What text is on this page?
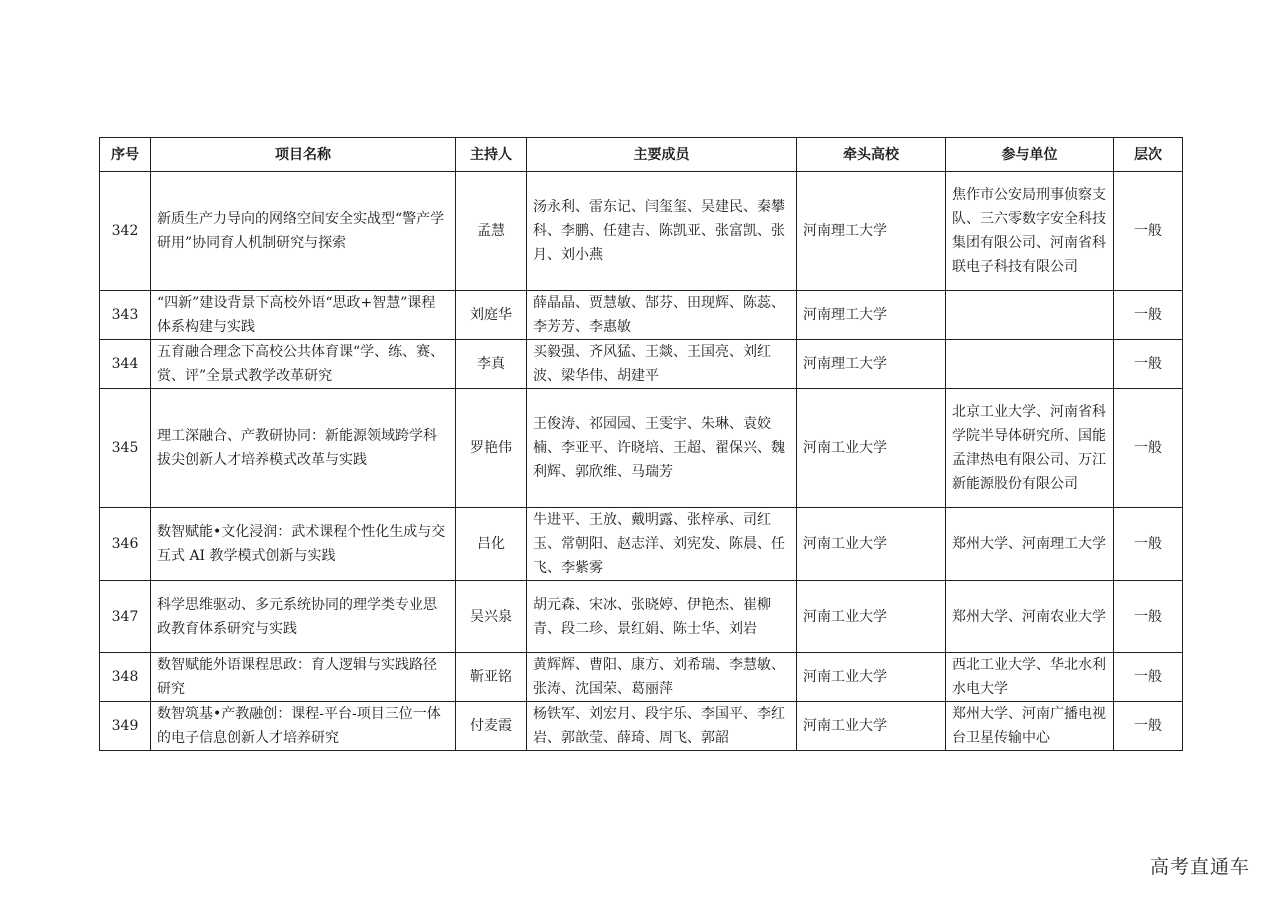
序号	项目名称	主持人	主要成员	牵头高校	参与单位	层次
342	新质生产力导向的网络空间安全实战型“警产学研用”协同育人机制研究与探索	孟慧	汤永利、雷东记、闫玺玺、吴建民、秦攀科、李鹏、任建吉、陈凯亚、张富凯、张月、刘小燕	河南理工大学	焦作市公安局刑事侦察支队、三六零数字安全科技集团有限公司、河南省科联电子科技有限公司	一般
343	“四新”建设背景下高校外语“思政+智慧”课程体系构建与实践	刘庭华	薛晶晶、贾慧敏、郜芬、田现辉、陈蕊、李芳芳、李惠敏	河南理工大学		一般
344	五育融合理念下高校公共体育课“学、练、赛、赏、评”全景式教学改革研究	李真	买毅强、齐风猛、王燚、王国亮、刘红波、梁华伟、胡建平	河南理工大学		一般
345	理工深融合、产教研协同：新能源领域跨学科拔尖创新人才培养模式改革与实践	罗艳伟	王俊涛、祁园园、王雯宇、朱琳、袁姣楠、李亚平、许晓培、王超、翟保兴、魏利辉、郭欣维、马瑞芳	河南工业大学	北京工业大学、河南省科学院半导体研究所、国能孟津热电有限公司、万江新能源股份有限公司	一般
346	数智赋能•文化浸润：武术课程个性化生成与交互式 AI 教学模式创新与实践	吕化	牛进平、王放、戴明露、张梓承、司红玉、常朝阳、赵志洋、刘宪发、陈晨、任飞、李紫雾	河南工业大学	郑州大学、河南理工大学	一般
347	科学思维驱动、多元系统协同的理学类专业思政教育体系研究与实践	吴兴泉	胡元森、宋冰、张晓婷、伊艳杰、崔柳青、段二珍、景红娟、陈士华、刘岩	河南工业大学	郑州大学、河南农业大学	一般
348	数智赋能外语课程思政：育人逻辑与实践路径研究	靳亚铭	黄辉辉、曹阳、康方、刘希瑞、李慧敏、张涛、沈国荣、葛丽萍	河南工业大学	西北工业大学、华北水利水电大学	一般
349	数智筑基•产教融创：课程-平台-项目三位一体的电子信息创新人才培养研究	付麦霞	杨铁军、刘宏月、段宇乐、李国平、李红岩、郭歆莹、薛琦、周飞、郭韶	河南工业大学	郑州大学、河南广播电视台卫星传输中心	一般
高考直通车
